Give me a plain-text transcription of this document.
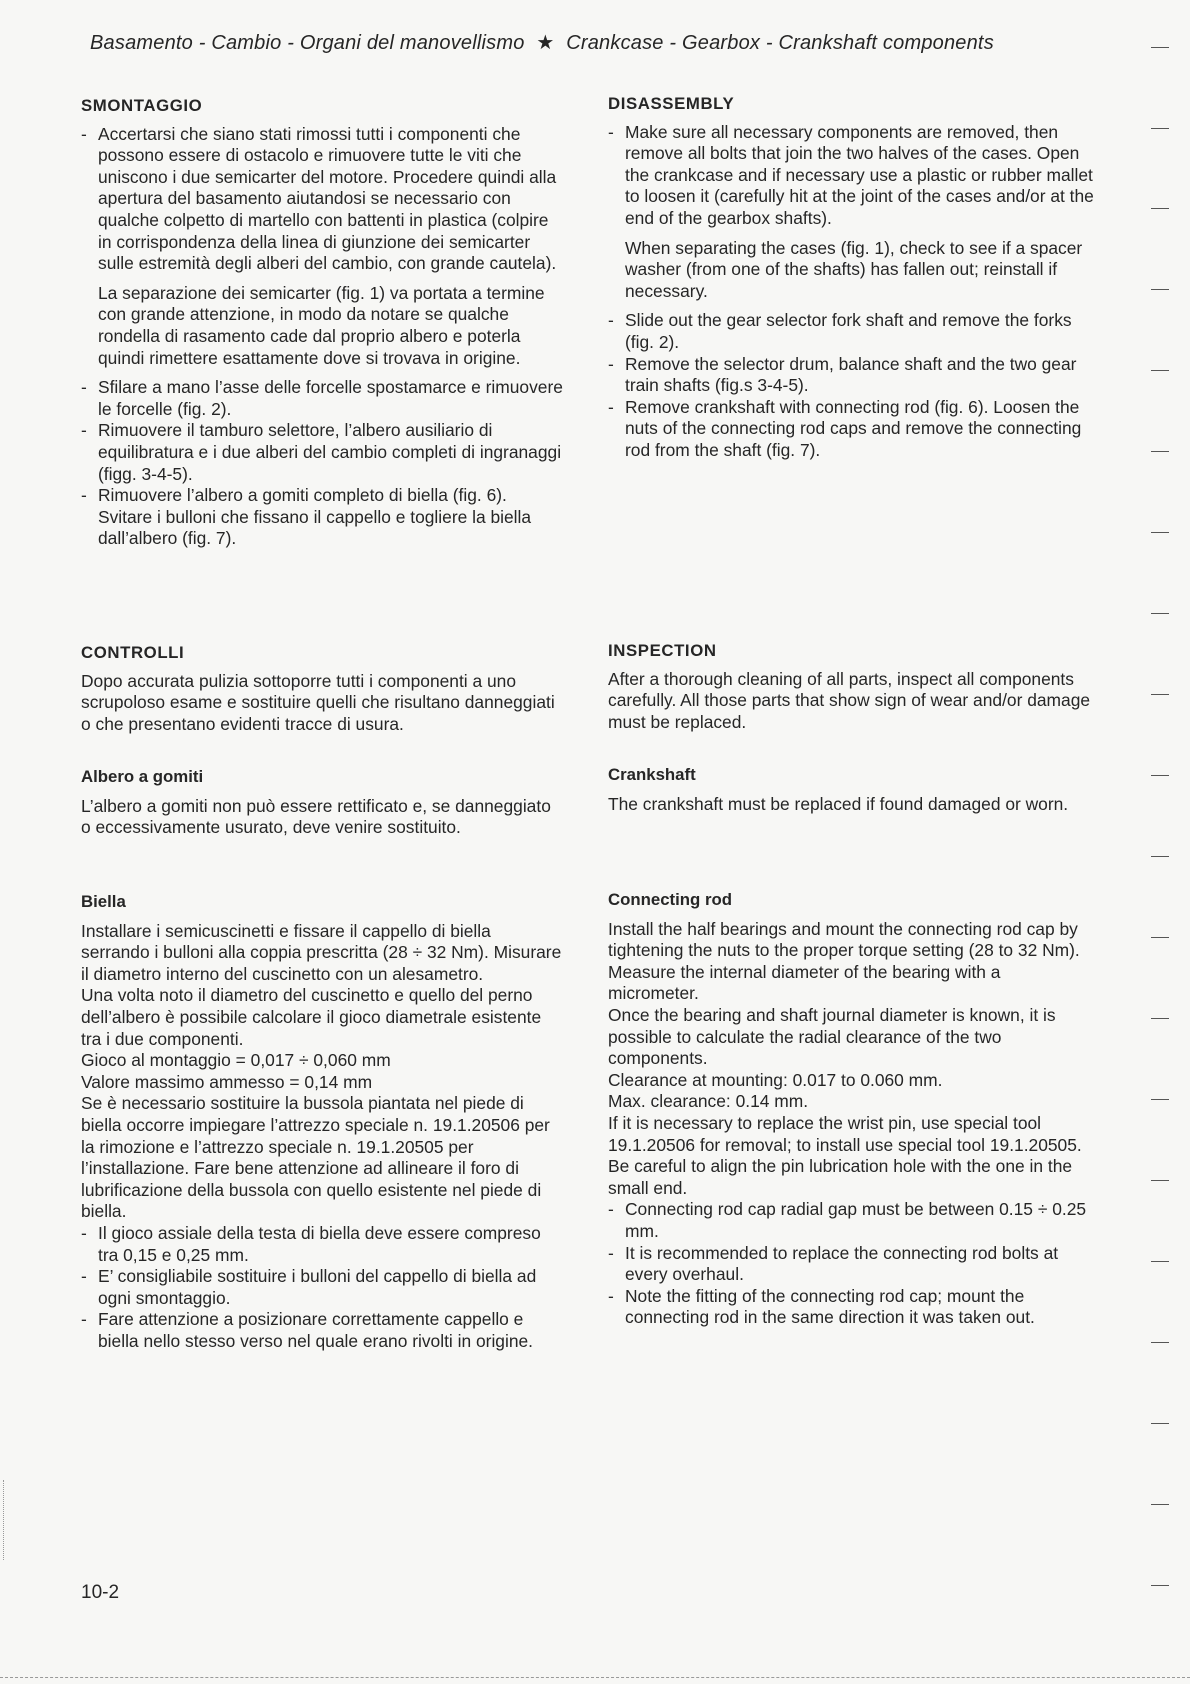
Basamento - Cambio - Organi del manovellismo ★ Crankcase - Gearbox - Crankshaft components
SMONTAGGIO
- Accertarsi che siano stati rimossi tutti i componenti che possono essere di ostacolo e rimuovere tutte le viti che uniscono i due semicarter del motore. Procedere quindi alla apertura del basamento aiutandosi se necessario con qualche colpetto di martello con battenti in plastica (colpire in corrispondenza della linea di giunzione dei semicarter sulle estremità degli alberi del cambio, con grande cautela).

La separazione dei semicarter (fig. 1) va portata a termine con grande attenzione, in modo da notare se qualche rondella di rasamento cade dal proprio albero e poterla quindi rimettere esattamente dove si trovava in origine.

- Sfilare a mano l’asse delle forcelle spostamarce e rimuovere le forcelle (fig. 2).
- Rimuovere il tamburo selettore, l’albero ausiliario di equilibratura e i due alberi del cambio completi di ingranaggi (figg. 3-4-5).
- Rimuovere l’albero a gomiti completo di biella (fig. 6). Svitare i bulloni che fissano il cappello e togliere la biella dall’albero (fig. 7).
CONTROLLI

Dopo accurata pulizia sottoporre tutti i componenti a uno scrupoloso esame e sostituire quelli che risultano danneggiati o che presentano evidenti tracce di usura.

Albero a gomiti

L’albero a gomiti non può essere rettificato e, se danneggiato o eccessivamente usurato, deve venire sostituito.

Biella

Installare i semicuscinetti e fissare il cappello di biella serrando i bulloni alla coppia prescritta (28 ÷ 32 Nm). Misurare il diametro interno del cuscinetto con un alesametro.

Una volta noto il diametro del cuscinetto e quello del perno dell’albero è possibile calcolare il gioco diametrale esistente tra i due componenti.

Gioco al montaggio = 0,017 ÷ 0,060 mm

Valore massimo ammesso = 0,14 mm

Se è necessario sostituire la bussola piantata nel piede di biella occorre impiegare l’attrezzo speciale n. 19.1.20506 per la rimozione e l’attrezzo speciale n. 19.1.20505 per l’installazione. Fare bene attenzione ad allineare il foro di lubrificazione della bussola con quello esistente nel piede di biella.

- Il gioco assiale della testa di biella deve essere compreso tra 0,15 e 0,25 mm.
- E’ consigliabile sostituire i bulloni del cappello di biella ad ogni smontaggio.
- Fare attenzione a posizionare correttamente cappello e biella nello stesso verso nel quale erano rivolti in origine.
DISASSEMBLY
- Make sure all necessary components are removed, then remove all bolts that join the two halves of the cases. Open the crankcase and if necessary use a plastic or rubber mallet to loosen it (carefully hit at the joint of the cases and/or at the end of the gearbox shafts).

When separating the cases (fig. 1), check to see if a spacer washer (from one of the shafts) has fallen out; reinstall if necessary.

- Slide out the gear selector fork shaft and remove the forks (fig. 2).
- Remove the selector drum, balance shaft and the two gear train shafts (fig.s 3-4-5).
- Remove crankshaft with connecting rod (fig. 6). Loosen the nuts of the connecting rod caps and remove the connecting rod from the shaft (fig. 7).
INSPECTION

After a thorough cleaning of all parts, inspect all components carefully. All those parts that show sign of wear and/or damage must be replaced.

Crankshaft

The crankshaft must be replaced if found damaged or worn.

Connecting rod

Install the half bearings and mount the connecting rod cap by tightening the nuts to the proper torque setting (28 to 32 Nm). Measure the internal diameter of the bearing with a micrometer.

Once the bearing and shaft journal diameter is known, it is possible to calculate the radial clearance of the two components.

Clearance at mounting: 0.017 to 0.060 mm.

Max. clearance: 0.14 mm.

If it is necessary to replace the wrist pin, use special tool 19.1.20506 for removal; to install use special tool 19.1.20505. Be careful to align the pin lubrication hole with the one in the small end.

- Connecting rod cap radial gap must be between 0.15 ÷ 0.25 mm.
- It is recommended to replace the connecting rod bolts at every overhaul.
- Note the fitting of the connecting rod cap; mount the connecting rod in the same direction it was taken out.
10-2
